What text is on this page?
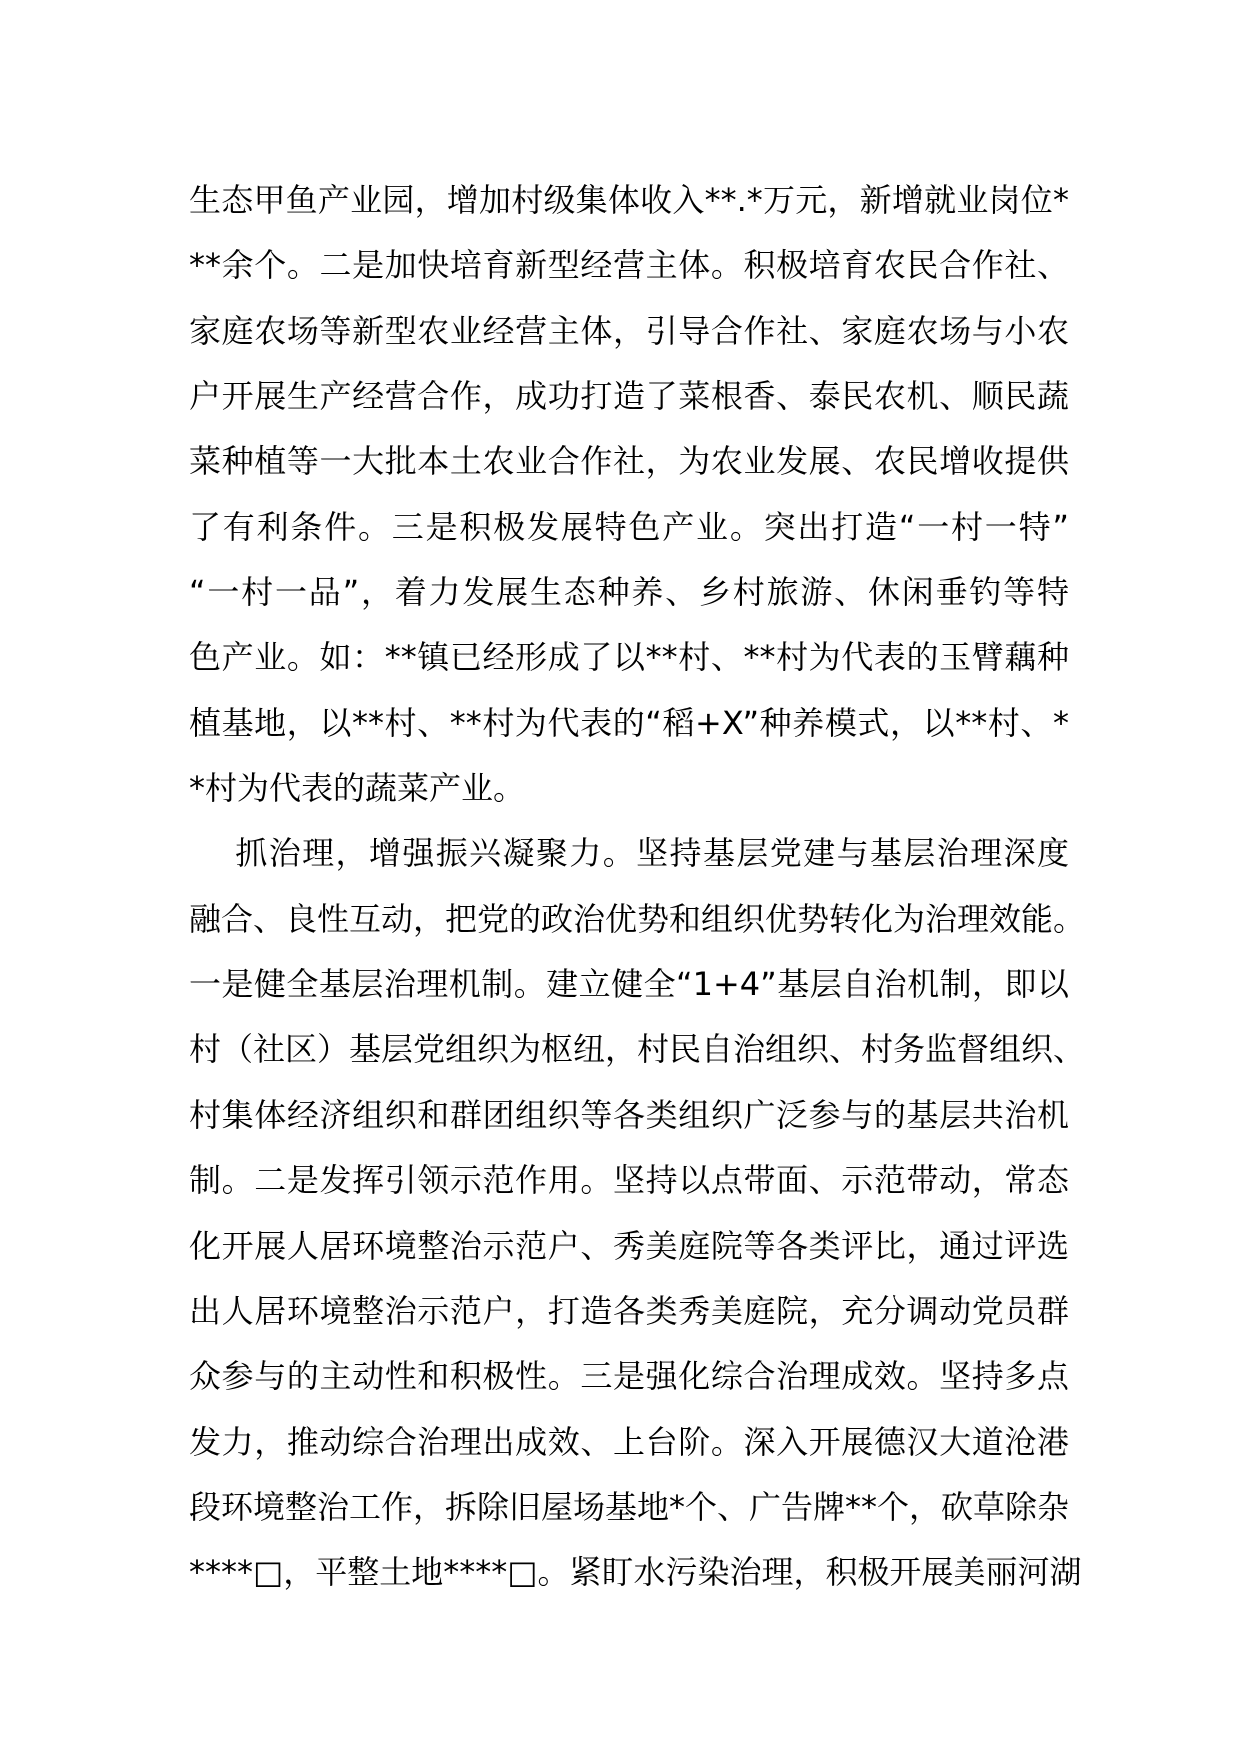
生态甲鱼产业园，增加村级集体收入**.*万元，新增就业岗位*
**余个。二是加快培育新型经营主体。积极培育农民合作社、
家庭农场等新型农业经营主体，引导合作社、家庭农场与小农
户开展生产经营合作，成功打造了菜根香、泰民农机、顺民蔬
菜种植等一大批本土农业合作社，为农业发展、农民增收提供
了有利条件。三是积极发展特色产业。突出打造“一村一特”
“一村一品”，着力发展生态种养、乡村旅游、休闲垂钓等特
色产业。如：**镇已经形成了以**村、**村为代表的玉臂藕种
植基地，以**村、**村为代表的“稻+X”种养模式，以**村、*
*村为代表的蔬菜产业。
抓治理，增强振兴凝聚力。坚持基层党建与基层治理深度
融合、良性互动，把党的政治优势和组织优势转化为治理效能。
一是健全基层治理机制。建立健全“1+4”基层自治机制，即以
村（社区）基层党组织为枢纽，村民自治组织、村务监督组织、
村集体经济组织和群团组织等各类组织广泛参与的基层共治机
制。二是发挥引领示范作用。坚持以点带面、示范带动，常态
化开展人居环境整治示范户、秀美庭院等各类评比，通过评选
出人居环境整治示范户，打造各类秀美庭院，充分调动党员群
众参与的主动性和积极性。三是强化综合治理成效。坚持多点
发力，推动综合治理出成效、上台阶。深入开展德汉大道沧港
段环境整治工作，拆除旧屋场基地*个、广告牌**个，砍草除杂
****□，平整土地****□。紧盯水污染治理，积极开展美丽河湖
